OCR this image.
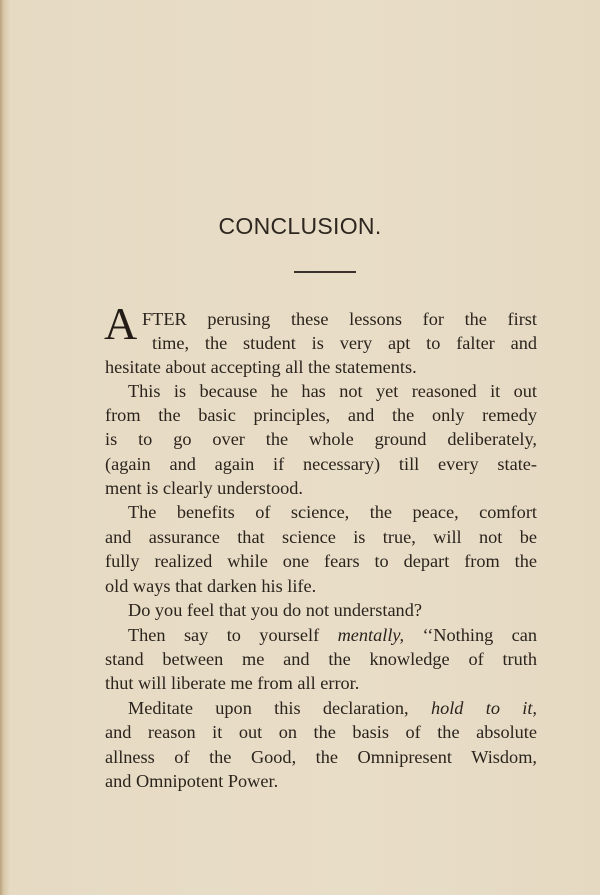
CONCLUSION.
A FTER perusing these lessons for the first
time, the student is very apt to falter and
hesitate about accepting all the statements.
This is because he has not yet reasoned it out
from the basic principles, and the only remedy
is to go over the whole ground deliberately,
(again and again if necessary) till every state-
ment is clearly understood.
The benefits of science, the peace, comfort
and assurance that science is true, will not be
fully realized while one fears to depart from the
old ways that darken his life.
Do you feel that you do not understand?
Then say to yourself mentally, ‘‘Nothing can
stand between me and the knowledge of truth
thut will liberate me from all error.
Meditate upon this declaration, hold to it,
and reason it out on the basis of the absolute
allness of the Good, the Omnipresent Wisdom,
and Omnipotent Power.
